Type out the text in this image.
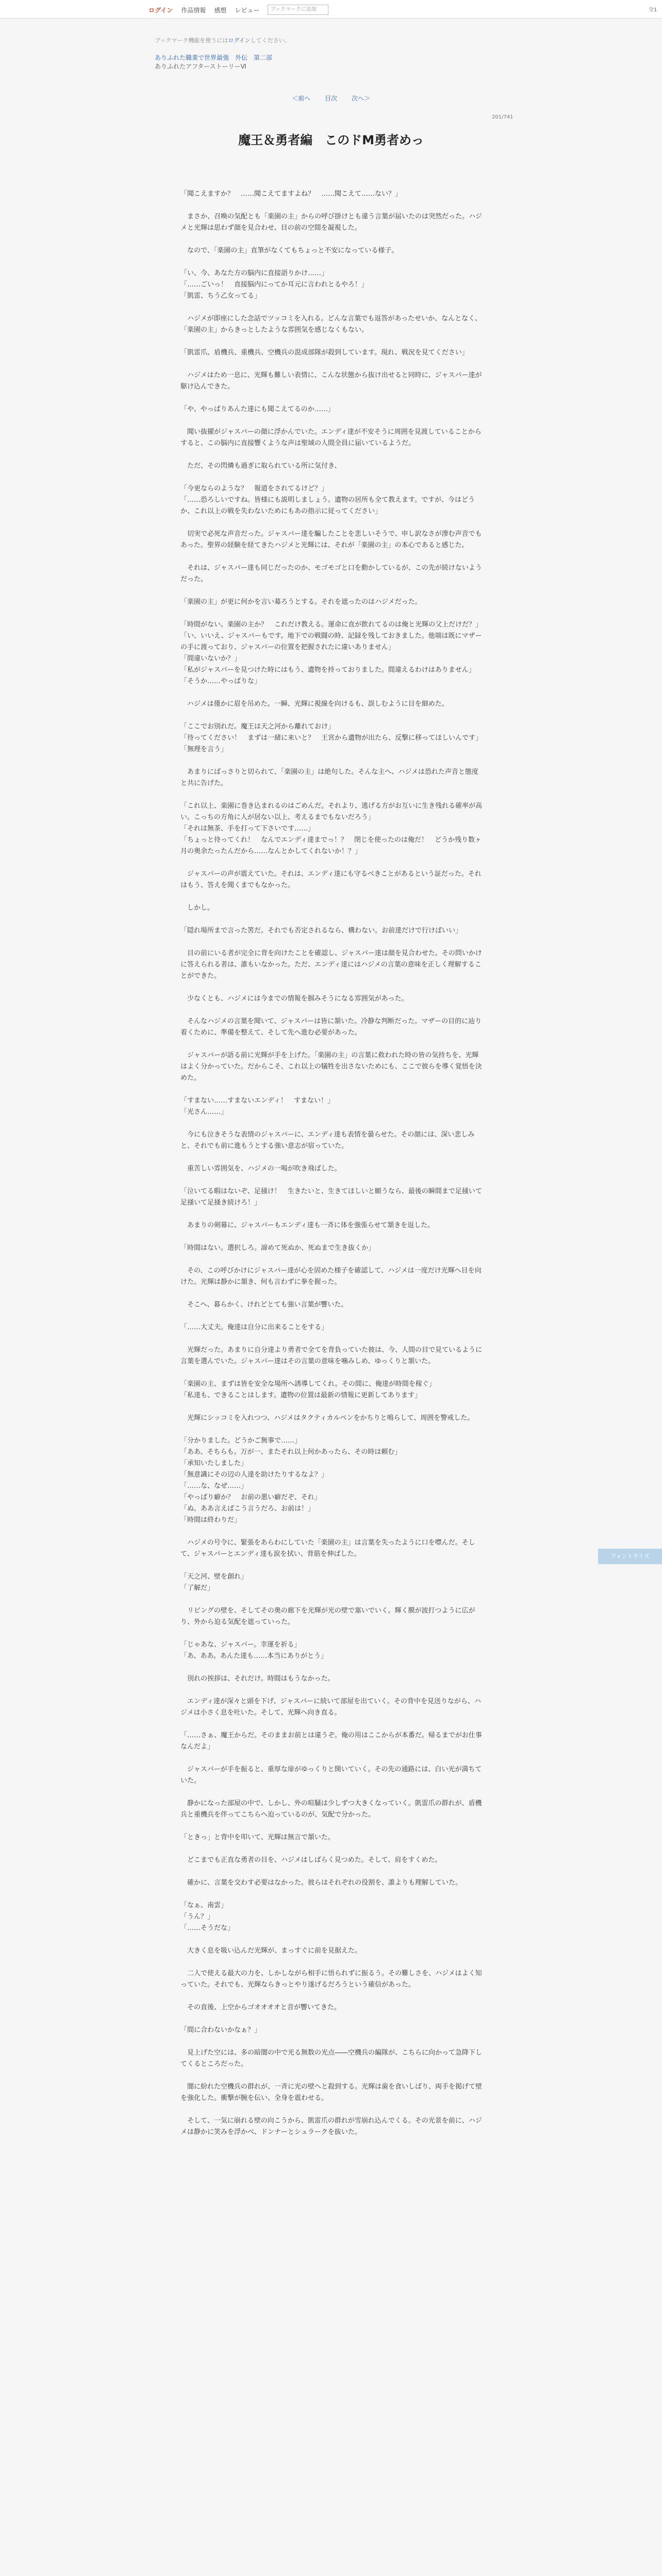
ログイン 作品情報 感想 レビュー	ブックマークに追加	全1
ブックマーク機能を使うにはログインしてください。
ありふれた職業で世界最強　外伝　第二部
ありふれたアフターストーリーⅥ
＜前へ 目次 次へ＞
201/741
魔王＆勇者編　このドM勇者めっ

「聞こえますか？　……聞こえてますよね？　……聞こえて……ない？」

　まさか、召喚の気配とも「楽園の主」からの呼び掛けとも違う言葉が届いたのは突然だった。ハジメと光輝は思わず顔を見合わせ、目の前の空間を凝視した。

　なので、「楽園の主」直筆がなくてもちょっと不安になっている様子。

「い、今、あなた方の脳内に直接語りかけ……」

「……ごいっ！　直接脳内にってか耳元に言われとるやろ！」

「凱雷、ちう乙女ってる」

　ハジメが即座にした念話でツッコミを入れる。どんな言葉でも返答があったせいか、なんとなく、「楽園の主」からきっとしたような雰囲気を感じなくもない。

「凱雷爪、盾機兵、重機兵、空機兵の混成部隊が殺到しています。現れ、戦況を見てください」

　ハジメはため一息に、光輝も難しい表情に、こんな状態から抜け出せると同時に、ジャスパー達が駆け込んできた。

「や、やっぱりあんた達にも聞こえてるのか……」

　聞い抜擢がジャスパーの顔に浮かんでいた。エンディ達が不安そうに周囲を見渡していることからすると、この脳内に直接響くような声は聖域の人間全員に届いているようだ。

　ただ、その閃燐も過ぎに取られている所に気付き、

「今更ならのような？　報道をされてるけど？」

「……恐ろしいですね。皆様にも説明しましょう。遺物の居所も全て教えます。ですが、今はどうか、これ以上の戦を失わないためにもあの指示に従ってください」

　切実で必死な声音だった。ジャスパー達を騙したことを悲しいそうで、申し訳なさが滲む声音でもあった。聖界の経験を経てきたハジメと光輝には、それが「楽園の主」の本心であると感じた。

　それは、ジャスパー達も同じだったのか、モゴモゴと口を動かしているが、この先が続けないようだった。

「楽園の主」が更に何かを言い募ろうとする。それを遮ったのはハジメだった。

「時間がない。楽園の主か？　これだけ教える。運命に直が飲れてるのは俺と光輝の父上だけだ？」

「い、いいえ、ジャスパーもです。地下での戦闘の時、記録を残しておきました。他端は既にマザーの手に渡っており、ジャスパーの位置を把握されたに違いありません」

「間違いないか？」

「私がジャスパーを見つけた時にはもう、遺物を持っておりました。間違えるわけはありません」

「そうか……やっぱりな」

　ハジメは僅かに眉を吊めた。一瞬、光輝に視線を向けるも、誤しむように目を細めた。

「ここでお別れだ。魔王は天之河から離れておけ」

「待ってください！　まずは一緒に来いと？　王宮から遺物が出たら、反撃に移ってほしいんです」

「無理を言う」

　あまりにばっさりと切られて、「楽園の主」は絶句した。そんな主へ、ハジメは恐れた声音と態度と共に告げた。

「これ以上、楽園に巻き込まれるのはごめんだ。それより、逃げる方がお互いに生き残れる確率が高い。こっちの方角に人が居ない以上、考えるまでもないだろう」

「それは無茶、手を打って下さいです……」

「ちょっと待ってくれ！　なんでエンディ達までっ！？　閉じを使ったのは俺だ！　どうか残り数ヶ月の奥余たったんだから……なんとかしてくれないか！？」

　ジャスパーの声が震えていた。それは、エンディ達にも守るべきことがあるという証だった。それはもう、答えを聞くまでもなかった。

　しかし。

「隠れ場所まで言った筈だ。それでも否定されるなら、構わない。お前達だけで行けばいい」

　目の前にいる者が完全に背を向けたことを確認し、ジャスパー達は顔を見合わせた。その問いかけに答えられる者は、誰もいなかった。ただ、エンディ達にはハジメの言葉の意味を正しく理解することができた。

　少なくとも、ハジメには今までの情報を掴みそうになる雰囲気があった。

　そんなハジメの言葉を聞いて、ジャスパーは皆に頷いた。冷静な判断だった。マザーの目的に辿り着くために、準備を整えて、そして先へ進む必要があった。

　ジャスパーが語る前に光輝が手を上げた。「楽園の主」の言葉に救われた時の皆の気持ちを、光輝はよく分かっていた。だからこそ、これ以上の犠牲を出さないためにも、ここで彼らを導く覚悟を決めた。

「すまない……すまないエンディ！　すまない！」

「光さん……」

　今にも泣きそうな表情のジャスパーに、エンディ達も表情を曇らせた。その顔には、深い悲しみと、それでも前に進もうとする強い意志が宿っていた。

　重苦しい雰囲気を、ハジメの一喝が吹き飛ばした。

「泣いてる暇はないぞ、足掻け！　生きたいと、生きてほしいと願うなら、最後の瞬間まで足掻いて足掻いて足掻き続けろ！」

　あまりの剣幕に、ジャスパーもエンディ達も一斉に体を強張らせて頷きを返した。

「時間はない。選択しろ。諦めて死ぬか、死ぬまで生き抜くか」

　その、この呼びかけにジャスパー達が心を固めた様子を確認して、ハジメは一度だけ光輝へ目を向けた。光輝は静かに頷き、何も言わずに拳を握った。

　そこへ、暮らかく、けれどとても強い言葉が響いた。

「……大丈夫。俺達は自分に出来ることをする」

　光輝だった。あまりに自分達より勇者で全てを背負っていた彼は、今、人間の目で見ているように言葉を選んでいた。ジャスパー達はその言葉の意味を噛みしめ、ゆっくりと頷いた。

「楽園の主、まずは皆を安全な場所へ誘導してくれ。その間に、俺達が時間を稼ぐ」

「私達も、できることはします。遺物の位置は最新の情報に更新してあります」

　光輝にシッコミを入れつつ、ハジメはタクティカルペンをかちりと鳴らして、周囲を警戒した。

「分かりました。どうかご無事で……」

「ああ、そちらも。万が一、またそれ以上何かあったら、その時は頼む」

「承知いたしました」

「無意識にその辺の人達を助けたりするなよ？」

「……な、なぜ……」

「やっぱり癖か？　お前の悪い癖だぞ、それ」

「ぬ、ああ言えばこう言うだろ、お前は！」

「時間は終わりだ」

　ハジメの号令に、緊張をあらわにしていた「楽園の主」は言葉を失ったように口を噤んだ。そして、ジャスパーとエンディ達も涙を拭い、背筋を伸ばした。

「天之河、壁を創れ」

「了解だ」

　リビングの壁を、そしてその奥の廊下を光輝が光の壁で塞いでいく。輝く膜が波打つように広がり、外から迫る気配を遮っていった。

「じゃあな、ジャスパー。幸運を祈る」

「あ、ああ。あんた達も……本当にありがとう」

　別れの挨拶は、それだけ。時間はもうなかった。

　エンディ達が深々と頭を下げ、ジャスパーに続いて部屋を出ていく。その背中を見送りながら、ハジメは小さく息を吐いた。そして、光輝へ向き直る。

「……さぁ、魔王からだ。そのままお前とは違うぞ。俺の用はここからが本番だ。帰るまでがお仕事なんだよ」

　ジャスパーが手を振ると、重厚な扉がゆっくりと開いていく。その先の通路には、白い光が満ちていた。

　静かになった部屋の中で、しかし、外の喧騒は少しずつ大きくなっていく。凱雷爪の群れが、盾機兵と重機兵を伴ってこちらへ迫っているのが、気配で分かった。

「ときっ」と背中を叩いて、光輝は無言で頷いた。

　どこまでも正直な勇者の目を、ハジメはしばらく見つめた。そして、肩をすくめた。

　確かに、言葉を交わす必要はなかった。彼らはそれぞれの役割を、誰よりも理解していた。

「なぁ、南雲」

「うん？」

「……そうだな」

　大きく息を吸い込んだ光輝が、まっすぐに前を見据えた。

　二人で使える最大の力を、しかしながら相手に悟られずに振るう。その難しさを、ハジメはよく知っていた。それでも、光輝ならきっとやり遂げるだろうという確信があった。

　その直後、上空からゴオオオオと音が響いてきた。

「間に合わないかなぁ？」

　見上げた空には、多の暗闇の中で光る無数の光点――空機兵の編隊が、こちらに向かって急降下してくるところだった。

　闇に紛れた空機兵の群れが、一斉に光の壁へと殺到する。光輝は歯を食いしばり、両手を掲げて壁を強化した。衝撃が腕を伝い、全身を震わせる。

　そして、一気に崩れる壁の向こうから、凱雷爪の群れが雪崩れ込んでくる。その光景を前に、ハジメは静かに笑みを浮かべ、ドンナーとシュラークを抜いた。

フォントサイズ
